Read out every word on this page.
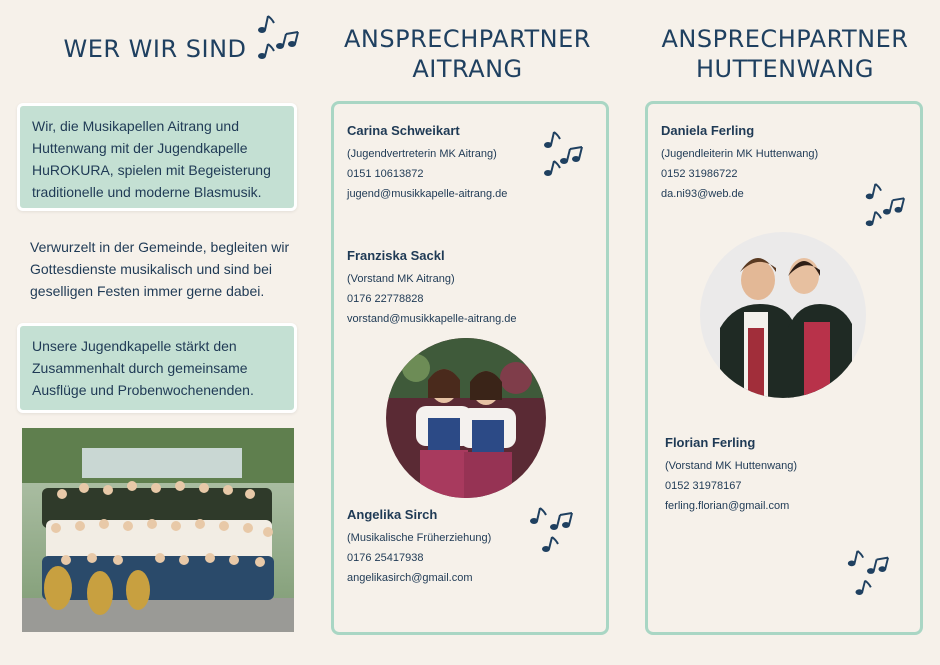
WER WIR SIND
Wir, die Musikapellen Aitrang und Huttenwang mit der Jugendkapelle HuROKURA, spielen mit Begeisterung traditionelle und moderne Blasmusik.
Verwurzelt in der Gemeinde, begleiten wir Gottesdienste musikalisch und sind bei geselligen Festen immer gerne dabei.
Unsere Jugendkapelle stärkt den Zusammenhalt durch gemeinsame Ausflüge und Probenwochenenden.
ANSPRECHPARTNER
AITRANG
Carina Schweikart
(Jugendvertreterin MK Aitrang)
0151 10613872
jugend@musikkapelle-aitrang.de
Franziska Sackl
(Vorstand MK Aitrang)
0176 22778828
vorstand@musikkapelle-aitrang.de
Angelika Sirch
(Musikalische Früherziehung)
0176 25417938
angelikasirch@gmail.com
ANSPRECHPARTNER
HUTTENWANG
Daniela Ferling
(Jugendleiterin MK Huttenwang)
0152 31986722
da.ni93@web.de
Florian Ferling
(Vorstand MK Huttenwang)
0152 31978167
ferling.florian@gmail.com
